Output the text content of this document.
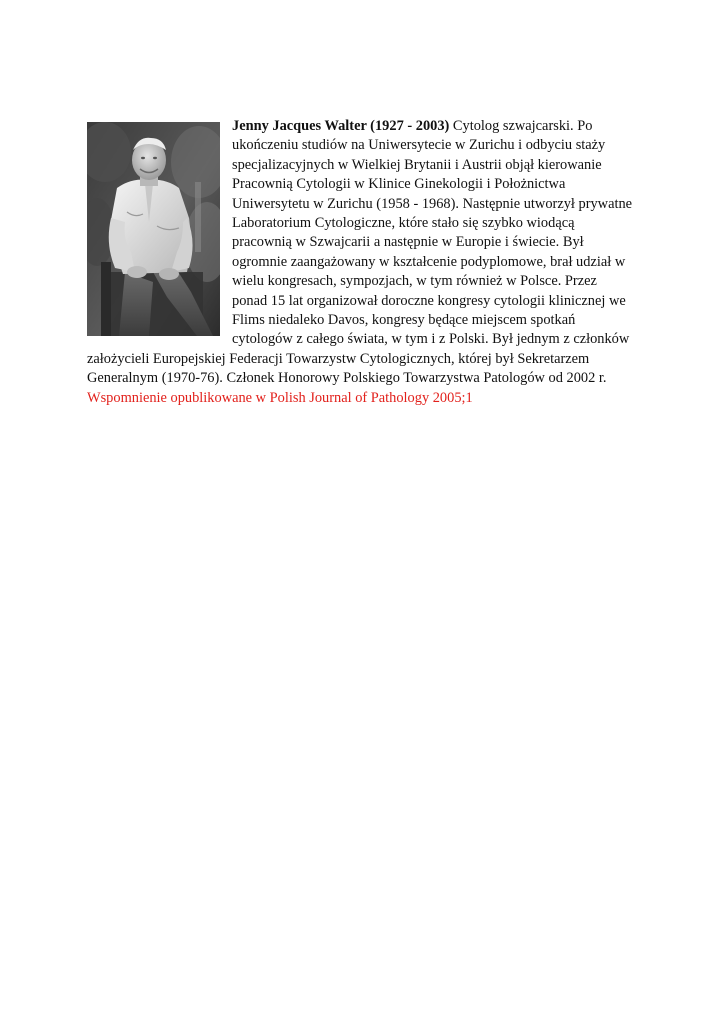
Jenny Jacques Walter (1927 - 2003) Cytolog szwajcarski. Po
ukończeniu studiów na Uniwersytecie w Zurichu i odbyciu staży
specjalizacyjnych w Wielkiej Brytanii i Austrii objął kierowanie
Pracownią Cytologii w Klinice Ginekologii i Położnictwa
Uniwersytetu w Zurichu (1958 - 1968). Następnie utworzył prywatne
Laboratorium Cytologiczne, które stało się szybko wiodącą
pracownią w Szwajcarii a następnie w Europie i świecie. Był
ogromnie zaangażowany w kształcenie podyplomowe, brał udział w
wielu kongresach, sympozjach, w tym również w Polsce. Przez
ponad 15 lat organizował doroczne kongresy cytologii klinicznej we
Flims niedaleko Davos, kongresy będące miejscem spotkań
cytologów z całego świata, w tym i z Polski. Był jednym z członków
założycieli Europejskiej Federacji Towarzystw Cytologicznych, której był Sekretarzem
Generalnym (1970-76). Członek Honorowy Polskiego Towarzystwa Patologów od 2002 r.
Wspomnienie opublikowane w Polish Journal of Pathology 2005;1
